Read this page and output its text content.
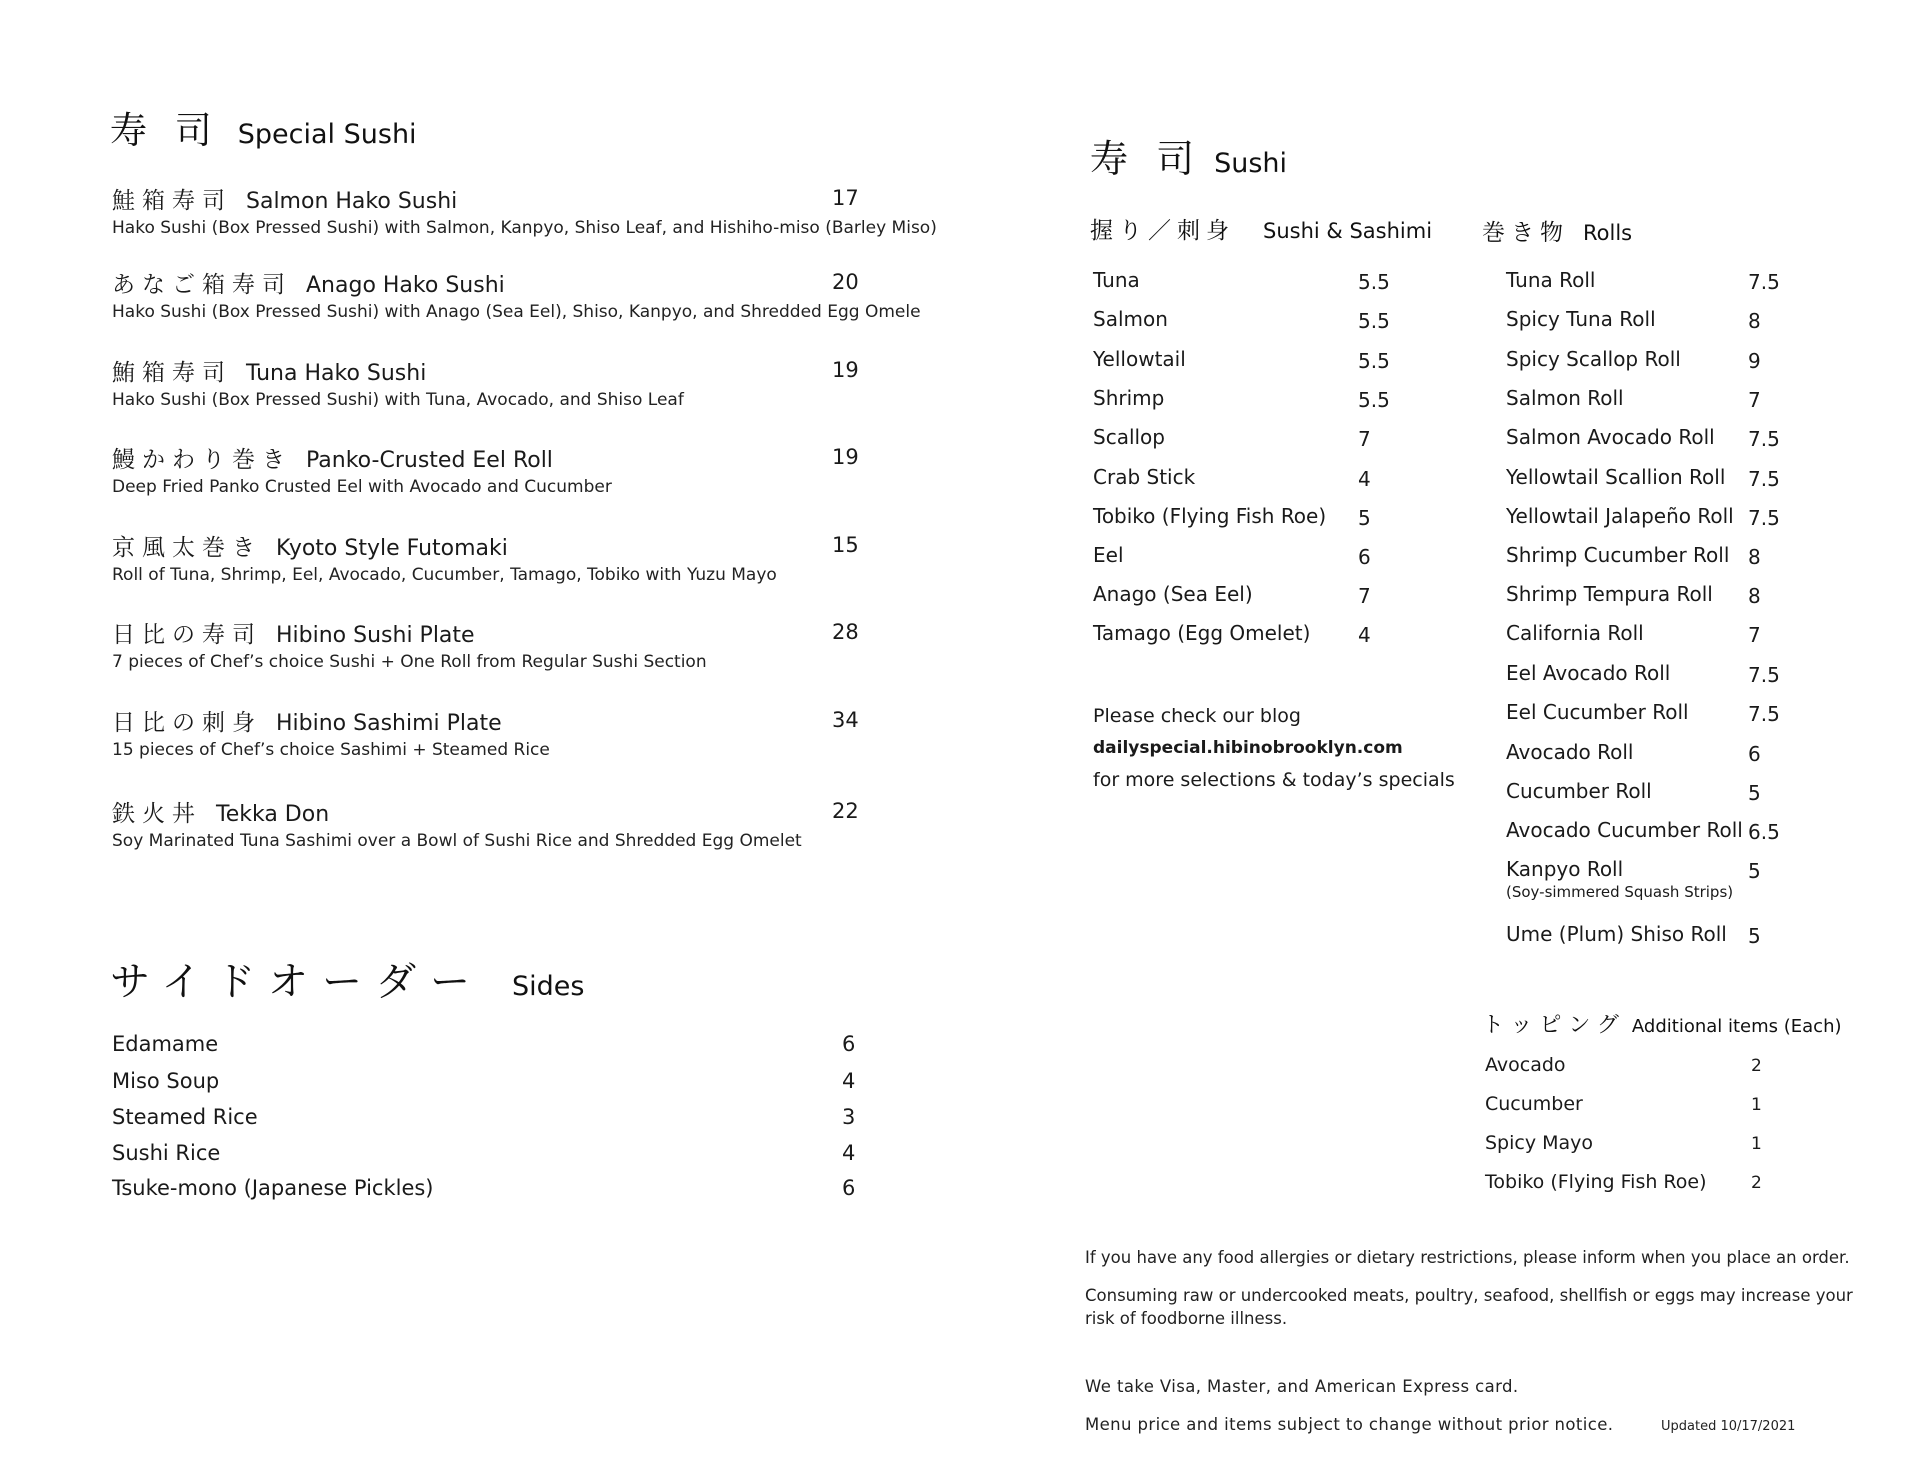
寿 司 Special Sushi
鮭箱寿司 Salmon Hako Sushi	17
Hako Sushi (Box Pressed Sushi) with Salmon, Kanpyo, Shiso Leaf, and Hishiho-miso (Barley Miso)
あなご箱寿司 Anago Hako Sushi	20
Hako Sushi (Box Pressed Sushi) with Anago (Sea Eel), Shiso, Kanpyo, and Shredded Egg Omele
鮪箱寿司 Tuna Hako Sushi	19
Hako Sushi (Box Pressed Sushi) with Tuna, Avocado, and Shiso Leaf
鰻かわり巻き Panko-Crusted Eel Roll	19
Deep Fried Panko Crusted Eel with Avocado and Cucumber
京風太巻き Kyoto Style Futomaki	15
Roll of Tuna, Shrimp, Eel, Avocado, Cucumber, Tamago, Tobiko with Yuzu Mayo
日比の寿司 Hibino Sushi Plate	28
7 pieces of Chef’s choice Sushi + One Roll from Regular Sushi Section
日比の刺身 Hibino Sashimi Plate	34
15 pieces of Chef’s choice Sashimi + Steamed Rice
鉄火丼 Tekka Don	22
Soy Marinated Tuna Sashimi over a Bowl of Sushi Rice and Shredded Egg Omelet
サイドオーダー Sides
Edamame	6
Miso Soup	4
Steamed Rice	3
Sushi Rice	4
Tsuke-mono (Japanese Pickles)	6
寿 司 Sushi
握り／刺身 Sushi & Sashimi
Tuna	5.5
Salmon	5.5
Yellowtail	5.5
Shrimp	5.5
Scallop	7
Crab Stick	4
Tobiko (Flying Fish Roe) 5
Eel	6
Anago (Sea Eel)	7
Tamago (Egg Omelet) 4
Please check our blog
dailyspecial.hibinobrooklyn.com
for more selections & today’s specials
巻き物 Rolls
Tuna Roll	7.5
Spicy Tuna Roll	8
Spicy Scallop Roll	9
Salmon Roll	7
Salmon Avocado Roll 7.5
Yellowtail Scallion Roll 7.5
Yellowtail Jalapeño Roll 7.5
Shrimp Cucumber Roll 8
Shrimp Tempura Roll 8
California Roll	7
Eel Avocado Roll	7.5
Eel Cucumber Roll	7.5
Avocado Roll	6
Cucumber Roll	5
Avocado Cucumber Roll 6.5
Kanpyo Roll	5
(Soy-simmered Squash Strips)
Ume (Plum) Shiso Roll 5
トッピング Additional items (Each)
Avocado	2
Cucumber	1
Spicy Mayo	1
Tobiko (Flying Fish Roe)	2
If you have any food allergies or dietary restrictions, please inform when you place an order.
Consuming raw or undercooked meats, poultry, seafood, shellfish or eggs may increase your
risk of foodborne illness.
We take Visa, Master, and American Express card.
Menu price and items subject to change without prior notice.	Updated 10/17/2021
